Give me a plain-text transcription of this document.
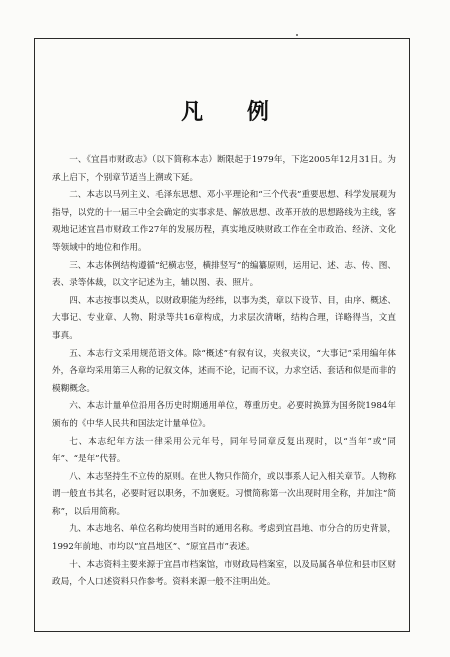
凡 例

一、《宜昌市财政志》（以下简称本志）断限起于1979年，下迄2005年12月31日。为承上启下，个别章节适当上溯或下延。

二、本志以马列主义、毛泽东思想、邓小平理论和“三个代表”重要思想、科学发展观为指导，以党的十一届三中全会确定的实事求是、解放思想、改革开放的思想路线为主线，客观地记述宜昌市财政工作27年的发展历程，真实地反映财政工作在全市政治、经济、文化等领域中的地位和作用。

三、本志体例结构遵循“纪横志竖，横排竖写”的编纂原则，运用记、述、志、传、图、表、录等体裁，以文字记述为主，辅以图、表、照片。

四、本志按事以类从，以财政职能为经纬，以事为类，章以下设节、目，由序、概述、大事记、专业章、人物、附录等共16章构成，力求层次清晰，结构合理，详略得当，文直事真。

五、本志行文采用规范语文体。除“概述”有叙有议，夹叙夹议，“大事记”采用编年体外，各章均采用第三人称的记叙文体，述而不论，记而不议，力求空话、套话和似是而非的模糊概念。

六、本志计量单位沿用各历史时期通用单位，尊重历史。必要时换算为国务院1984年颁布的《中华人民共和国法定计量单位》。

七、本志纪年方法一律采用公元年号，同年号同章反复出现时，以“当年”或“同年”、“是年”代替。

八、本志坚持生不立传的原则。在世人物只作简介，或以事系人记入相关章节。人物称谓一般直书其名，必要时冠以职务，不加褒贬。习惯简称第一次出现时用全称，并加注“简称”，以后用简称。

九、本志地名、单位名称均使用当时的通用名称。考虑到宜昌地、市分合的历史背景，1992年前地、市均以“宜昌地区”、“原宜昌市”表述。

十、本志资料主要来源于宜昌市档案馆，市财政局档案室，以及局属各单位和县市区财政局，个人口述资料只作参考。资料来源一般不注明出处。
